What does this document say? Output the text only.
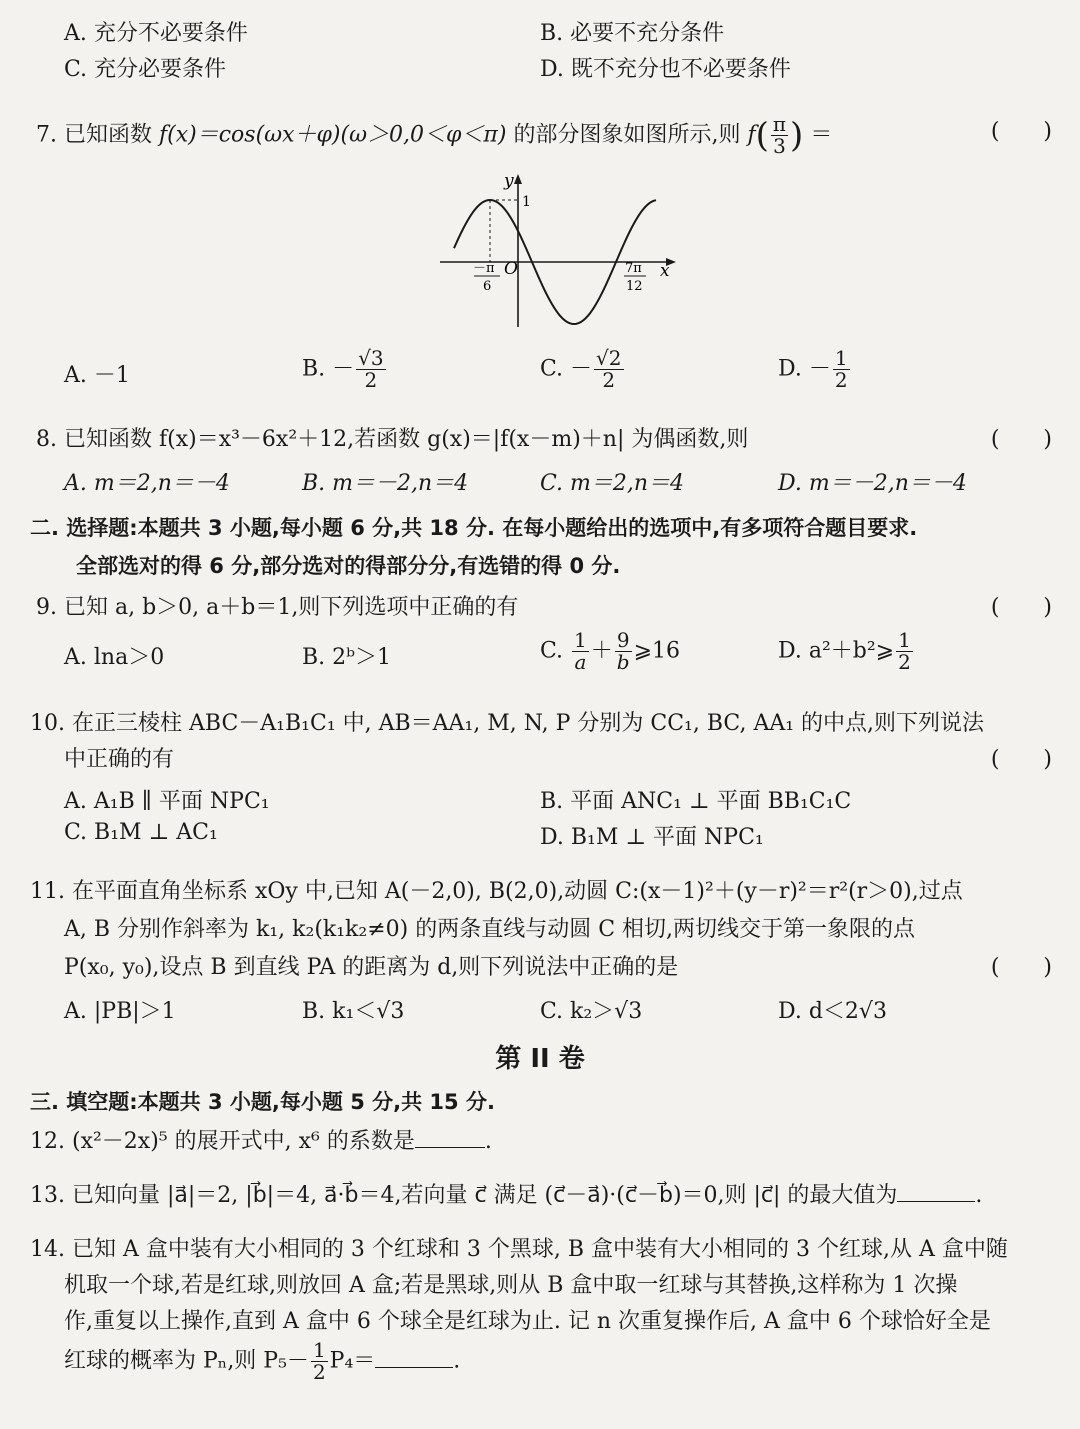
A. 充分不必要条件	B. 必要不充分条件
C. 充分必要条件	D. 既不充分也不必要条件
7. 已知函数 f(x)＝cos(ωx＋φ)(ω＞0,0＜φ＜π) 的部分图象如图所示,则 $f( \frac{\pi}{3}$ ) ＝	(　　)
y
1
O	x
－π
6
7π
12
A. －1	B. － $\frac{√3}{2}$	C. － $\frac{√2}{2}$	D. － $\frac{1}{2}$
8. 已知函数 f(x)＝x³－6x²＋12,若函数 g(x)＝|f(x－m)＋n| 为偶函数,则	(　　)
A. m＝2,n＝－4	B. m＝－2,n＝4	C. m＝2,n＝4	D. m＝－2,n＝－4
二. 选择题:本题共 3 小题,每小题 6 分,共 18 分. 在每小题给出的选项中,有多项符合题目要求.
全部选对的得 6 分,部分选对的得部分分,有选错的得 0 分.
9. 已知 a, b＞0, a＋b＝1,则下列选项中正确的有	(　　)
A. lna＞0	B. 2ᵇ＞1	C. $\frac{1}{a} + \frac{9}{b}$ ⩾16	D. a²＋b²⩾ $\frac{1}{2}$
10. 在正三棱柱 ABC－A₁B₁C₁ 中, AB＝AA₁, M, N, P 分别为 CC₁, BC, AA₁ 的中点,则下列说法
中正确的有	(　　)
A. A₁B ∥ 平面 NPC₁	B. 平面 ANC₁ ⊥ 平面 BB₁C₁C
C. B₁M ⊥ AC₁	D. B₁M ⊥ 平面 NPC₁
11. 在平面直角坐标系 xOy 中,已知 A(－2,0), B(2,0),动圆 C:(x－1)²＋(y－r)²＝r²(r＞0),过点
A, B 分别作斜率为 k₁, k₂(k₁k₂≠0) 的两条直线与动圆 C 相切,两切线交于第一象限的点
P(x₀, y₀),设点 B 到直线 PA 的距离为 d,则下列说法中正确的是	(　　)
A. |PB|＞1	B. k₁＜√3	C. k₂＞√3	D. d＜2√3
第 II 卷
三. 填空题:本题共 3 小题,每小题 5 分,共 15 分.
12. (x²－2x)⁵ 的展开式中, x⁶ 的系数是	.
13. 已知向量 |a⃗|＝2, |b⃗|＝4, a⃗·b⃗＝4,若向量 c⃗ 满足 (c⃗－a⃗)·(c⃗－b⃗)＝0,则 |c⃗| 的最大值为	.
14. 已知 A 盒中装有大小相同的 3 个红球和 3 个黑球, B 盒中装有大小相同的 3 个红球,从 A 盒中随
机取一个球,若是红球,则放回 A 盒;若是黑球,则从 B 盒中取一红球与其替换,这样称为 1 次操
作,重复以上操作,直到 A 盒中 6 个球全是红球为止. 记 n 次重复操作后, A 盒中 6 个球恰好全是
红球的概率为 Pₙ,则 $P_5- \frac{1}{2} P_4=$	.
